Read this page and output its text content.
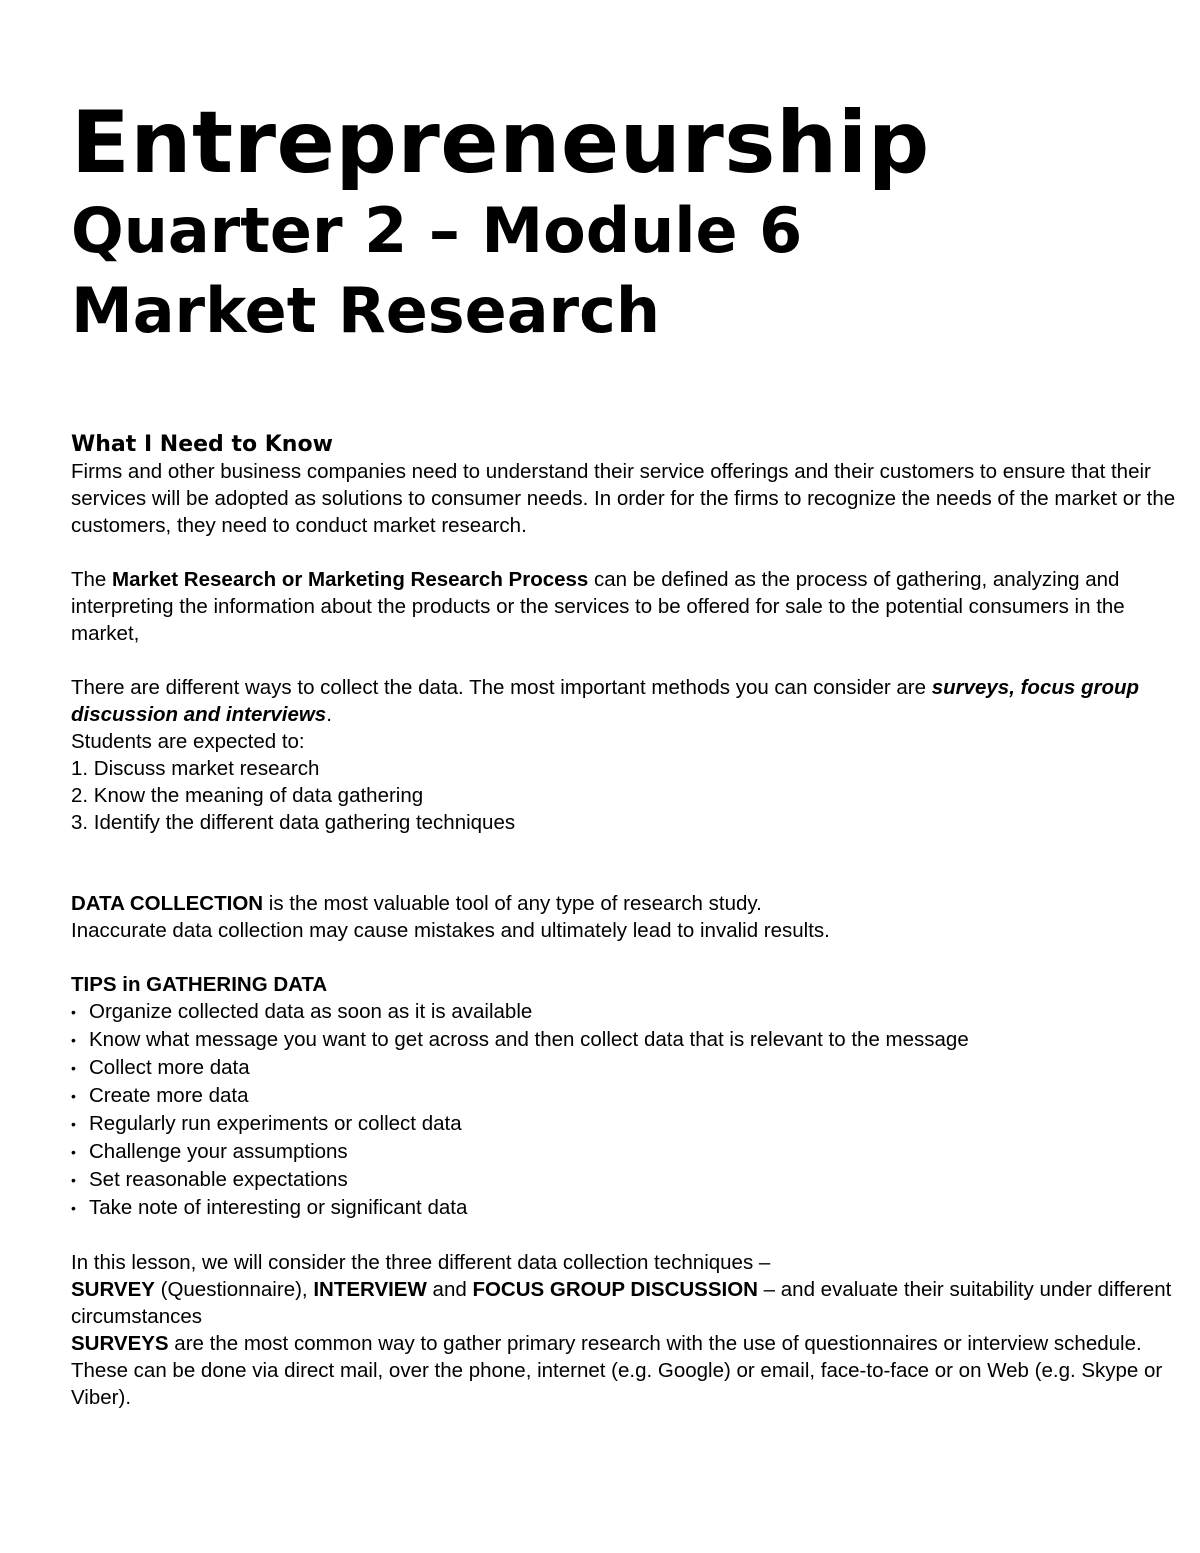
Entrepreneurship
Quarter 2 – Module 6
Market Research
What I Need to Know

Firms and other business companies need to understand their service offerings and their customers to ensure that their services will be adopted as solutions to consumer needs. In order for the firms to recognize the needs of the market or the customers, they need to conduct market research.

The Market Research or Marketing Research Process can be defined as the process of gathering, analyzing and interpreting the information about the products or the services to be offered for sale to the potential consumers in the market,

There are different ways to collect the data. The most important methods you can consider are surveys, focus group discussion and interviews.

Students are expected to:
1. Discuss market research
2. Know the meaning of data gathering
3. Identify the different data gathering techniques

DATA COLLECTION is the most valuable tool of any type of research study.

Inaccurate data collection may cause mistakes and ultimately lead to invalid results.
TIPS in GATHERING DATA
• Organize collected data as soon as it is available
• Know what message you want to get across and then collect data that is relevant to the message
• Collect more data
• Create more data
• Regularly run experiments or collect data
• Challenge your assumptions
• Set reasonable expectations
• Take note of interesting or significant data
In this lesson, we will consider the three different data collection techniques –

SURVEY (Questionnaire), INTERVIEW and FOCUS GROUP DISCUSSION – and evaluate their suitability under different circumstances

SURVEYS are the most common way to gather primary research with the use of questionnaires or interview schedule. These can be done via direct mail, over the phone, internet (e.g. Google) or email, face-to-face or on Web (e.g. Skype or Viber).
